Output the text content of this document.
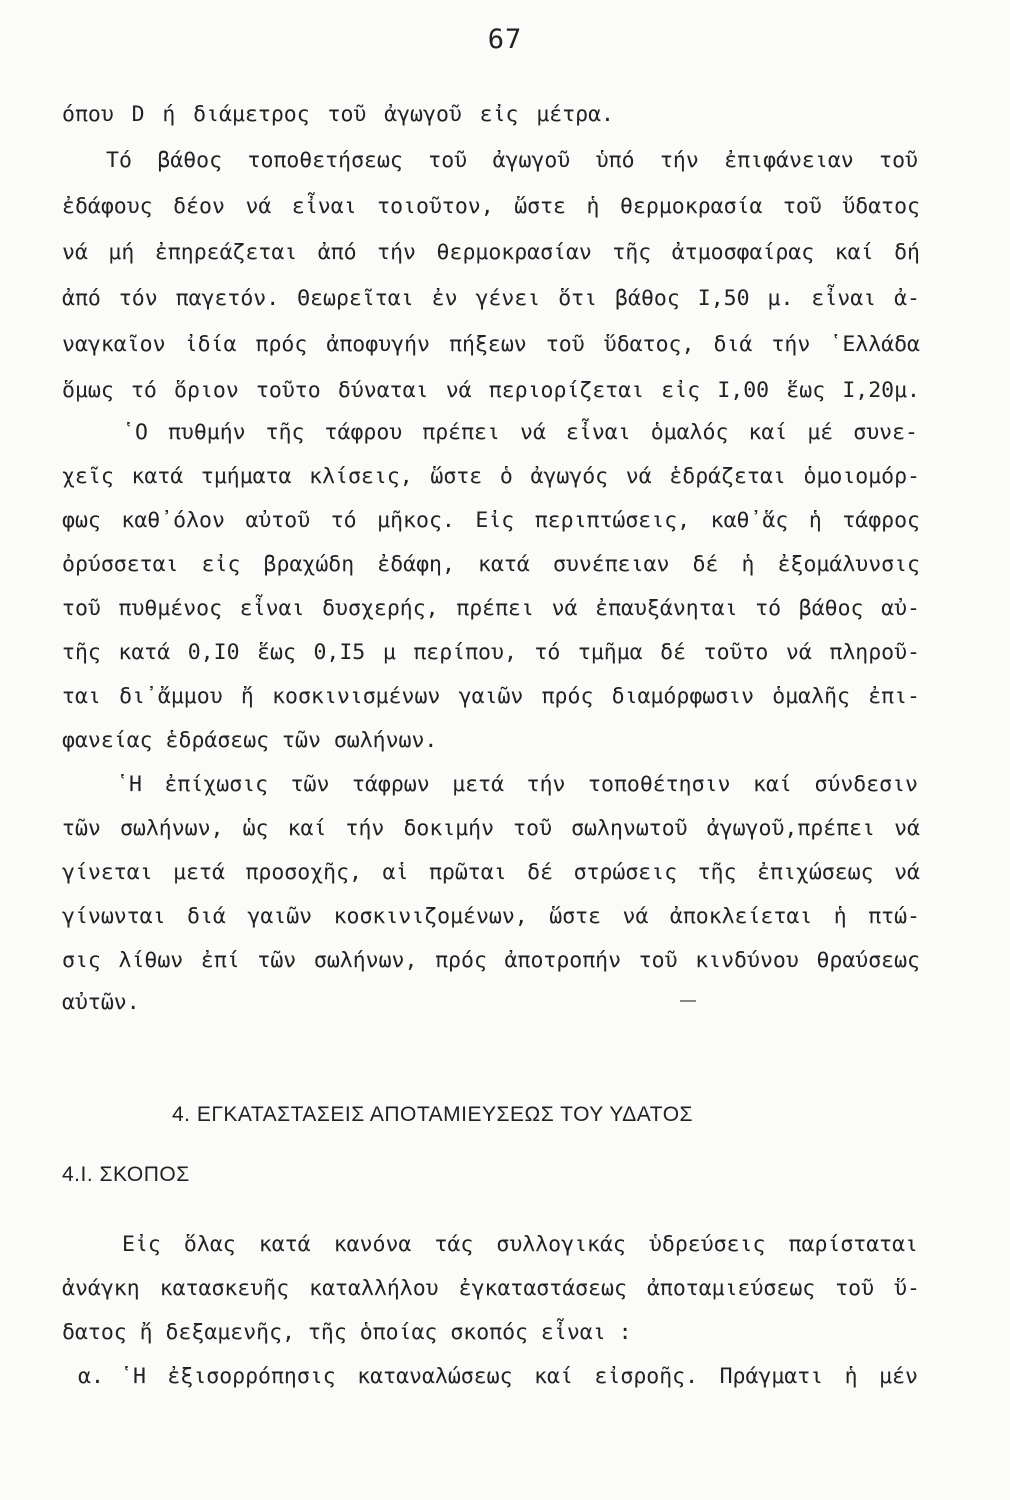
67
όπου D ή διάμετρος τοῦ ἀγωγοῦ εἰς μέτρα.
Τό βάθος τοποθετήσεως τοῦ ἀγωγοῦ ὑπό τήν ἐπιφάνειαν τοῦ
ἐδάφους δέον νά εἶναι τοιοῦτον, ὥστε ἡ θερμοκρασία τοῦ ὕδατος
νά μή ἐπηρεάζεται ἀπό τήν θερμοκρασίαν τῆς ἀτμοσφαίρας καί δή
ἀπό τόν παγετόν. Θεωρεῖται ἐν γένει ὅτι βάθος Ι,50 μ. εἶναι ἀ-
ναγκαῖον ἰδία πρός ἀποφυγήν πήξεων τοῦ ὕδατος, διά τήν ῾Ελλάδα
ὅμως τό ὅριον τοῦτο δύναται νά περιορίζεται εἰς Ι,00 ἕως Ι,20μ.
῾Ο πυθμήν τῆς τάφρου πρέπει νά εἶναι ὁμαλός καί μέ συνε-
χεῖς κατά τμήματα κλίσεις, ὥστε ὁ ἀγωγός νά ἑδράζεται ὁμοιομόρ-
φως καθ᾿όλον αὐτοῦ τό μῆκος. Εἰς περιπτώσεις, καθ᾿ἅς ἡ τάφρος
ὀρύσσεται εἰς βραχώδη ἐδάφη, κατά συνέπειαν δέ ἡ ἐξομάλυνσις
τοῦ πυθμένος εἶναι δυσχερής, πρέπει νά ἐπαυξάνηται τό βάθος αὐ-
τῆς κατά 0,Ι0 ἕως 0,Ι5 μ περίπου, τό τμῆμα δέ τοῦτο νά πληροῦ-
ται δι᾿ἄμμου ἤ κοσκινισμένων γαιῶν πρός διαμόρφωσιν ὁμαλῆς ἐπι-
φανείας ἑδράσεως τῶν σωλήνων.
῾Η ἐπίχωσις τῶν τάφρων μετά τήν τοποθέτησιν καί σύνδεσιν
τῶν σωλήνων, ὡς καί τήν δοκιμήν τοῦ σωληνωτοῦ ἀγωγοῦ,πρέπει νά
γίνεται μετά προσοχῆς, αἱ πρῶται δέ στρώσεις τῆς ἐπιχώσεως νά
γίνωνται διά γαιῶν κοσκινιζομένων, ὥστε νά ἀποκλείεται ἡ πτώ-
σις λίθων ἐπί τῶν σωλήνων, πρός ἀποτροπήν τοῦ κινδύνου θραύσεως
αὐτῶν.
4. ΕΓΚΑΤΑΣΤΑΣΕΙΣ ΑΠΟΤΑΜΙΕΥΣΕΩΣ ΤΟΥ ΥΔΑΤΟΣ
4.Ι. ΣΚΟΠΟΣ
Εἰς ὅλας κατά κανόνα τάς συλλογικάς ὑδρεύσεις παρίσταται
ἀνάγκη κατασκευῆς καταλλήλου ἐγκαταστάσεως ἀποταμιεύσεως τοῦ ὕ-
δατος ἤ δεξαμενῆς, τῆς ὁποίας σκοπός εἶναι :
α. ῾Η ἐξισορρόπησις καταναλώσεως καί εἰσροῆς. Πράγματι ἡ μέν
